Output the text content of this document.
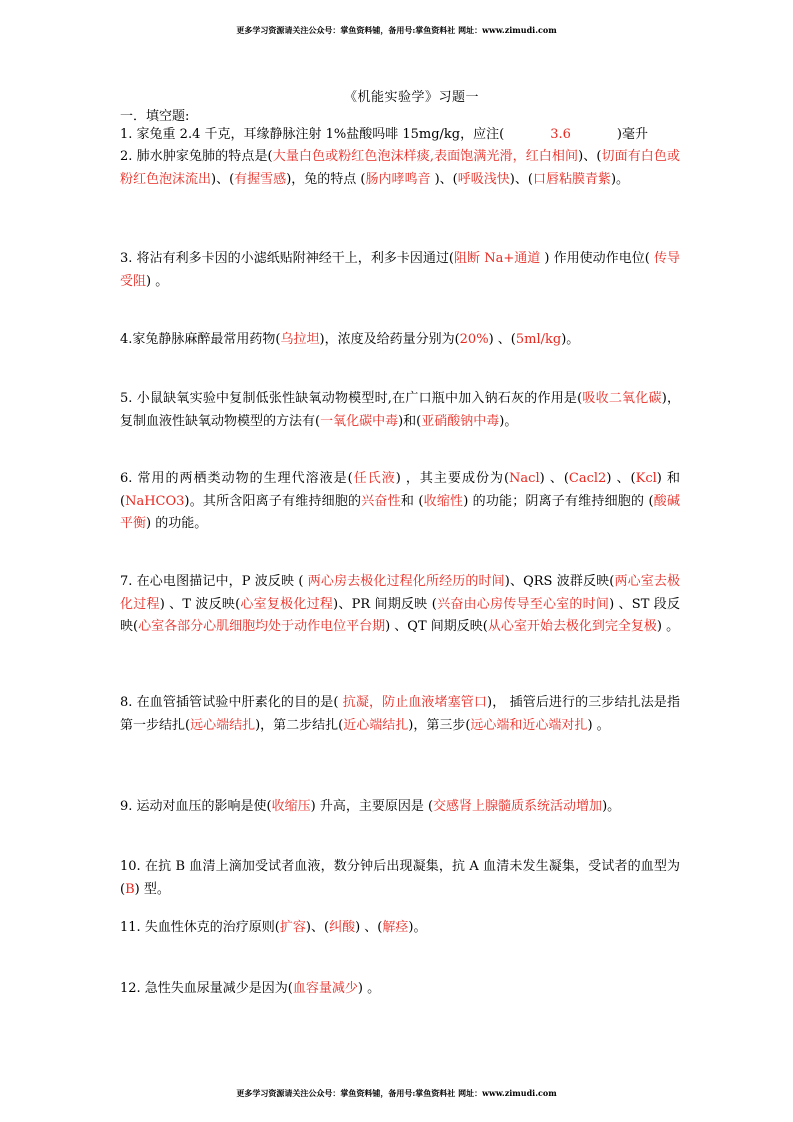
更多学习资源请关注公众号：掌鱼资料铺，备用号:掌鱼资料社 网址：www.zimudi.com
《机能实验学》习题一
一．填空题:
1. 家兔重 2.4 千克，耳缘静脉注射 1%盐酸吗啡 15mg/kg，应注(	3.6	)毫升
2. 肺水肿家兔肺的特点是(大量白色或粉红色泡沫样痰,表面饱满光滑，红白相间)、(切面有白色或粉红色泡沫流出)、(有握雪感)，兔的特点 (肠内哮鸣音 )、(呼吸浅快)、(口唇粘膜青紫)。
3. 将沾有利多卡因的小滤纸贴附神经干上，利多卡因通过(阻断 Na+通道 ) 作用使动作电位( 传导受阻) 。
4.家兔静脉麻醉最常用药物(乌拉坦)，浓度及给药量分别为(20%) 、(5ml/kg)。
5. 小鼠缺氧实验中复制低张性缺氧动物模型时,在广口瓶中加入钠石灰的作用是(吸收二氧化碳)，复制血液性缺氧动物模型的方法有(一氧化碳中毒)和(亚硝酸钠中毒)。
6. 常用的两栖类动物的生理代溶液是(任氏液) ，其主要成份为(Nacl) 、(Cacl2) 、(Kcl) 和 (NaHCO3)。其所含阳离子有维持细胞的兴奋性和 (收缩性) 的功能；阴离子有维持细胞的 (酸碱平衡) 的功能。
7. 在心电图描记中，P 波反映 ( 两心房去极化过程化所经历的时间)、QRS 波群反映(两心室去极化过程) 、T 波反映(心室复极化过程)、PR 间期反映 (兴奋由心房传导至心室的时间) 、ST 段反映(心室各部分心肌细胞均处于动作电位平台期) 、QT 间期反映(从心室开始去极化到完全复极) 。
8. 在血管插管试验中肝素化的目的是( 抗凝，防止血液堵塞管口)， 插管后进行的三步结扎法是指第一步结扎(远心端结扎)，第二步结扎(近心端结扎)，第三步(远心端和近心端对扎) 。
9. 运动对血压的影响是使(收缩压) 升高，主要原因是 (交感肾上腺髓质系统活动增加)。
10. 在抗 B 血清上滴加受试者血液，数分钟后出现凝集，抗 A 血清未发生凝集，受试者的血型为(B) 型。
11. 失血性休克的治疗原则(扩容)、(纠酸) 、(解痉)。
12. 急性失血尿量减少是因为(血容量减少) 。
更多学习资源请关注公众号：掌鱼资料铺，备用号:掌鱼资料社 网址：www.zimudi.com
